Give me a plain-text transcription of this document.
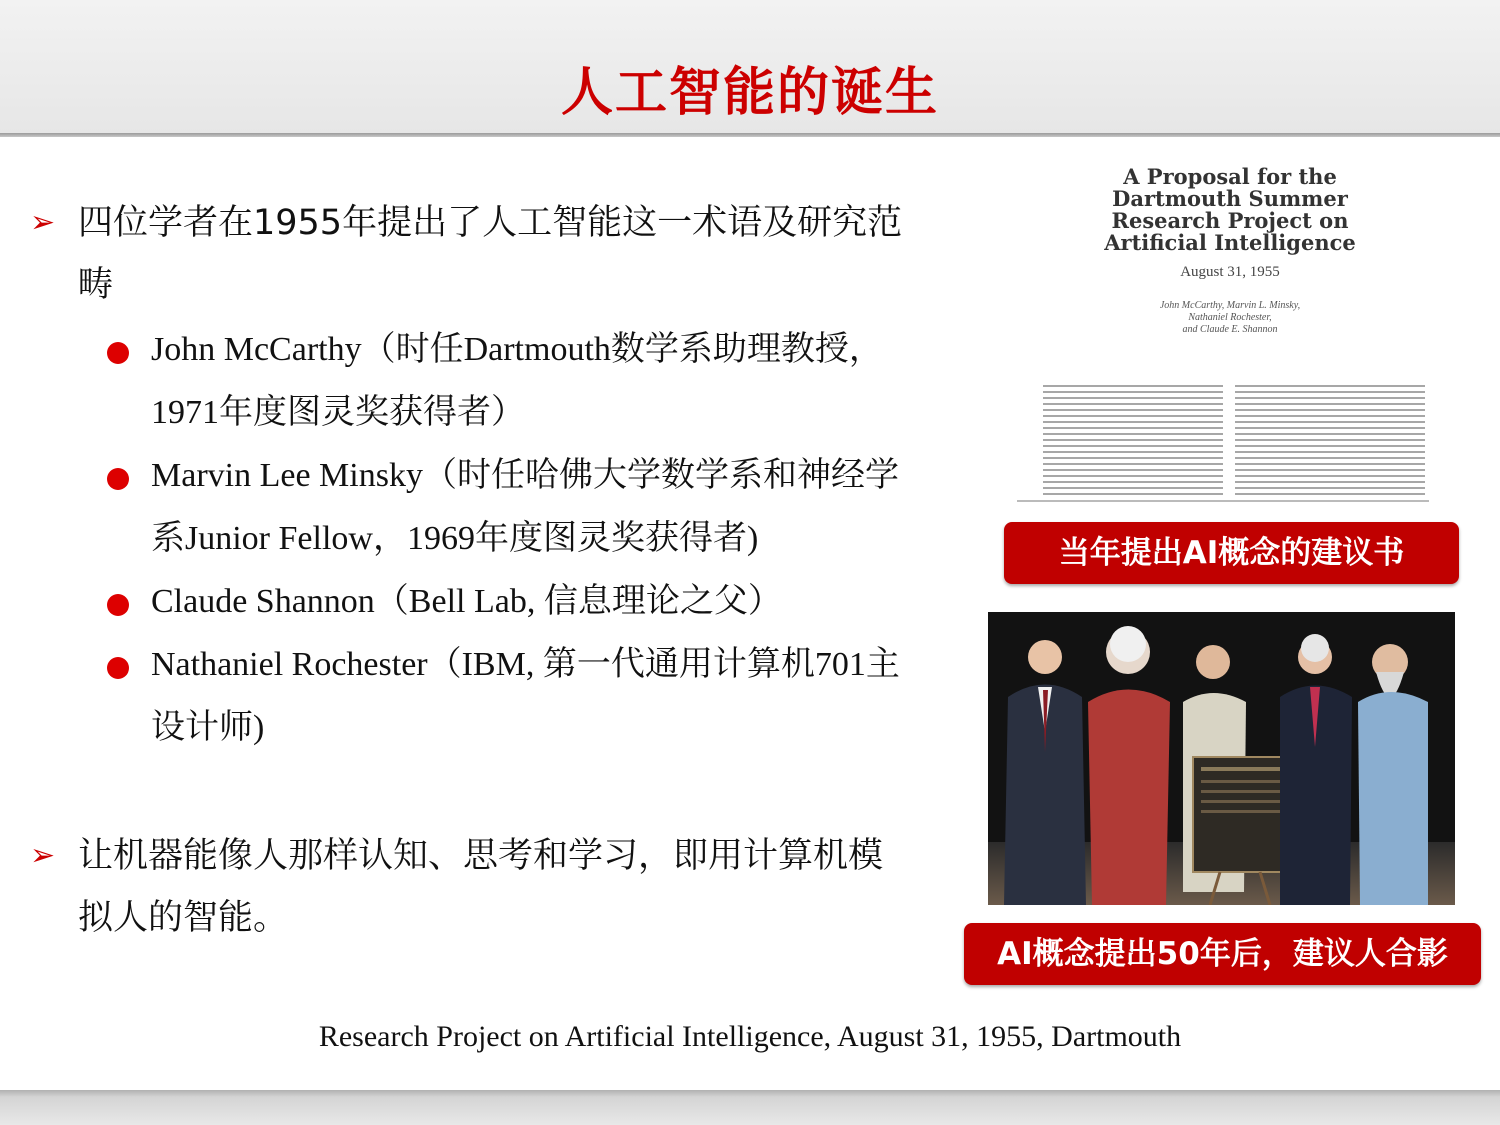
人工智能的诞生
➢ 四位学者在1955年提出了人工智能这一术语及研究范畴
John McCarthy（时任Dartmouth数学系助理教授，1971年度图灵奖获得者）
Marvin Lee Minsky（时任哈佛大学数学系和神经学系Junior Fellow，1969年度图灵奖获得者)
Claude Shannon（Bell Lab, 信息理论之父）
Nathaniel Rochester（IBM, 第一代通用计算机701主设计师)
➢ 让机器能像人那样认知、思考和学习，即用计算机模拟人的智能。
A Proposal for the
Dartmouth Summer
Research Project on
Artificial Intelligence
August 31, 1955
John McCarthy, Marvin L. Minsky,
Nathaniel Rochester,
and Claude E. Shannon
当年提出AI概念的建议书
AI概念提出50年后，建议人合影
Research Project on Artificial Intelligence, August 31, 1955, Dartmouth
